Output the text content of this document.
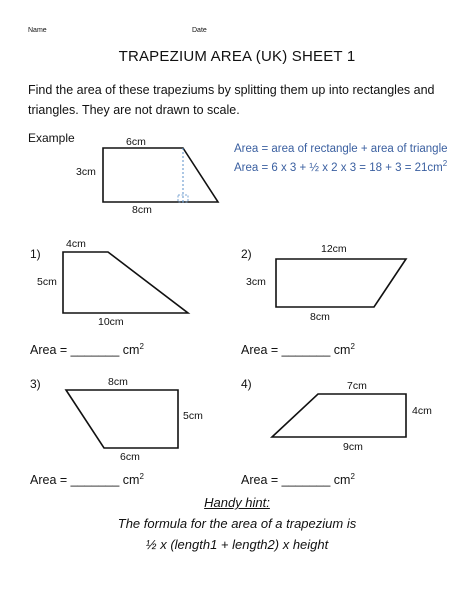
Name	Date
TRAPEZIUM AREA (UK) SHEET 1
Find the area of these trapeziums by splitting them up into rectangles and triangles. They are not drawn to scale.
Example	6cm
3cm
8cm
Area = area of rectangle + area of triangle
Area = 6 x 3 + ½ x 2 x $3 = 18 + 3 = 21cm^2$
1)
4cm
5cm
10cm
Area = _______ $cm^2$
2)	12cm
3cm
8cm
Area = _______ $cm^2$
3)	8cm
5cm
6cm
Area = _______ $cm^2$
4)	7cm
4cm
9cm
Area = _______ $cm^2$
Handy hint:
The formula for the area of a trapezium is
½ x (length1 + length2) x height
